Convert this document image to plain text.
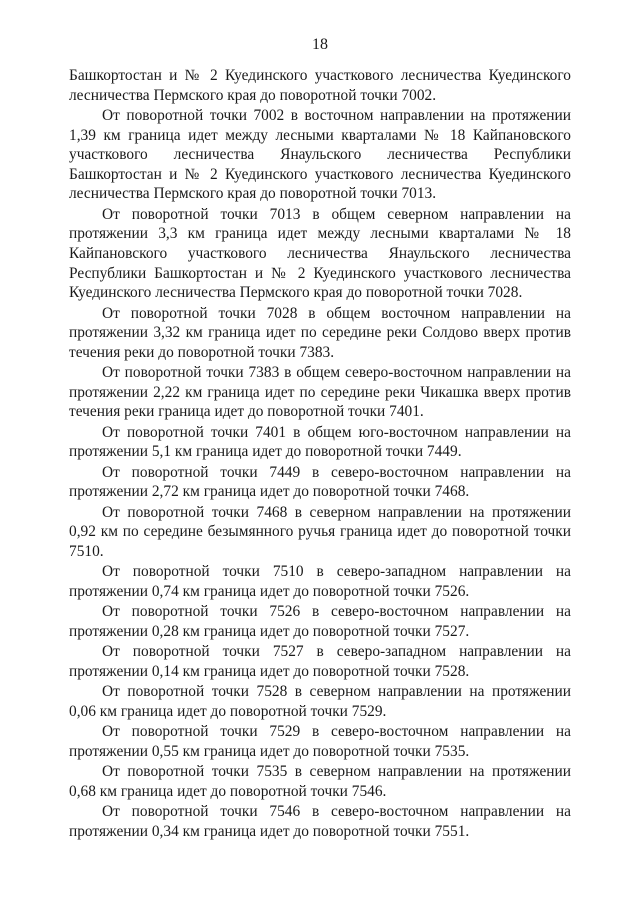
18

Башкортостан и № 2 Куединского участкового лесничества Куединского лесничества Пермского края до поворотной точки 7002.

От поворотной точки 7002 в восточном направлении на протяжении 1,39 км граница идет между лесными кварталами № 18 Кайпановского участкового лесничества Янаульского лесничества Республики Башкортостан и № 2 Куединского участкового лесничества Куединского лесничества Пермского края до поворотной точки 7013.

От поворотной точки 7013 в общем северном направлении на протяжении 3,3 км граница идет между лесными кварталами № 18 Кайпановского участкового лесничества Янаульского лесничества Республики Башкортостан и № 2 Куединского участкового лесничества Куединского лесничества Пермского края до поворотной точки 7028.

От поворотной точки 7028 в общем восточном направлении на протяжении 3,32 км граница идет по середине реки Солдово вверх против течения реки до поворотной точки 7383.

От поворотной точки 7383 в общем северо-восточном направлении на протяжении 2,22 км граница идет по середине реки Чикашка вверх против течения реки граница идет до поворотной точки 7401.

От поворотной точки 7401 в общем юго-восточном направлении на протяжении 5,1 км граница идет до поворотной точки 7449.

От поворотной точки 7449 в северо-восточном направлении на протяжении 2,72 км граница идет до поворотной точки 7468.

От поворотной точки 7468 в северном направлении на протяжении 0,92 км по середине безымянного ручья граница идет до поворотной точки 7510.

От поворотной точки 7510 в северо-западном направлении на протяжении 0,74 км граница идет до поворотной точки 7526.

От поворотной точки 7526 в северо-восточном направлении на протяжении 0,28 км граница идет до поворотной точки 7527.

От поворотной точки 7527 в северо-западном направлении на протяжении 0,14 км граница идет до поворотной точки 7528.

От поворотной точки 7528 в северном направлении на протяжении 0,06 км граница идет до поворотной точки 7529.

От поворотной точки 7529 в северо-восточном направлении на протяжении 0,55 км граница идет до поворотной точки 7535.

От поворотной точки 7535 в северном направлении на протяжении 0,68 км граница идет до поворотной точки 7546.

От поворотной точки 7546 в северо-восточном направлении на протяжении 0,34 км граница идет до поворотной точки 7551.
